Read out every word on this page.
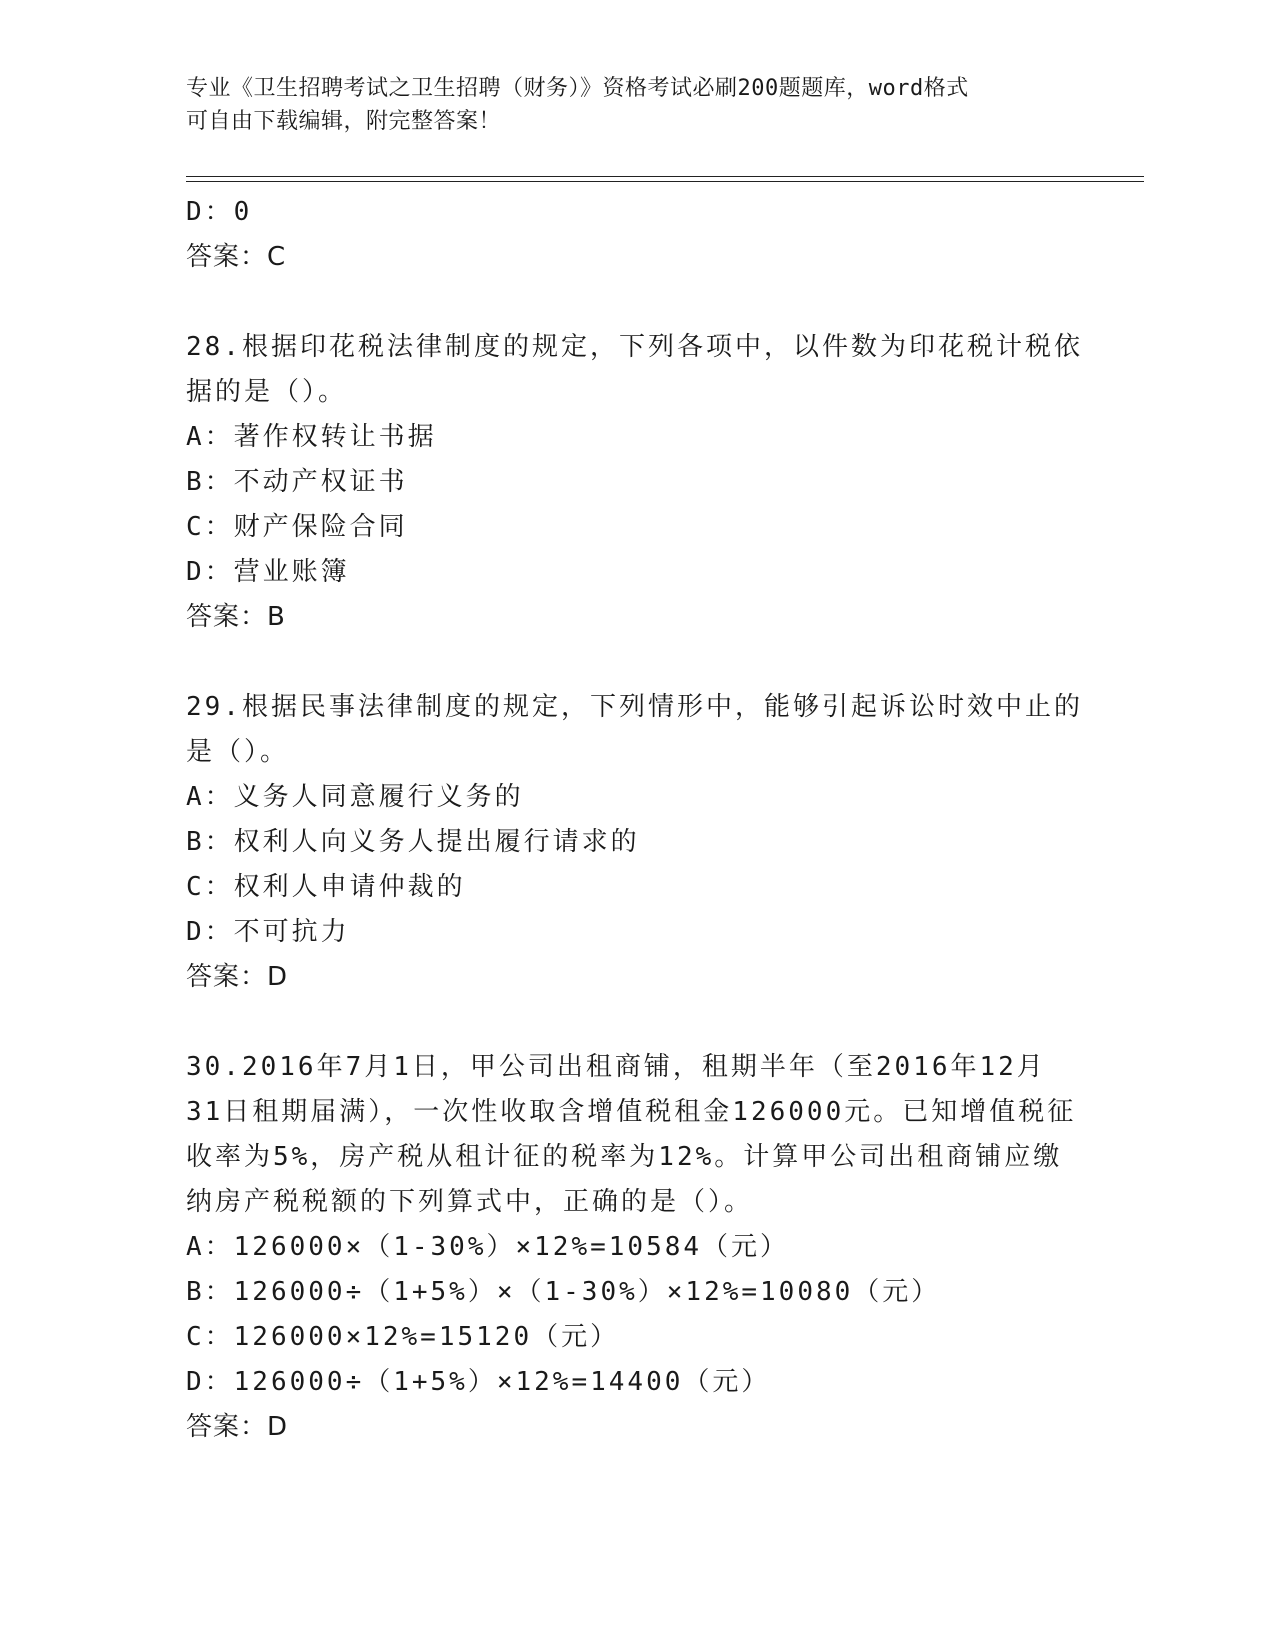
专业《卫生招聘考试之卫生招聘（财务）》资格考试必刷200题题库，word格式
可自由下载编辑，附完整答案！
D：0
答案：C
28.根据印花税法律制度的规定，下列各项中，以件数为印花税计税依
据的是（）。
A：著作权转让书据
B：不动产权证书
C：财产保险合同
D：营业账簿
答案：B
29.根据民事法律制度的规定，下列情形中，能够引起诉讼时效中止的
是（）。
A：义务人同意履行义务的
B：权利人向义务人提出履行请求的
C：权利人申请仲裁的
D：不可抗力
答案：D
30.2016年7月1日，甲公司出租商铺，租期半年（至2016年12月
31日租期届满），一次性收取含增值税租金126000元。已知增值税征
收率为5%，房产税从租计征的税率为12%。计算甲公司出租商铺应缴
纳房产税税额的下列算式中，正确的是（）。
A：126000×（1-30%）×12%=10584（元）
B：126000÷（1+5%）×（1-30%）×12%=10080（元）
C：126000×12%=15120（元）
D：126000÷（1+5%）×12%=14400（元）
答案：D
